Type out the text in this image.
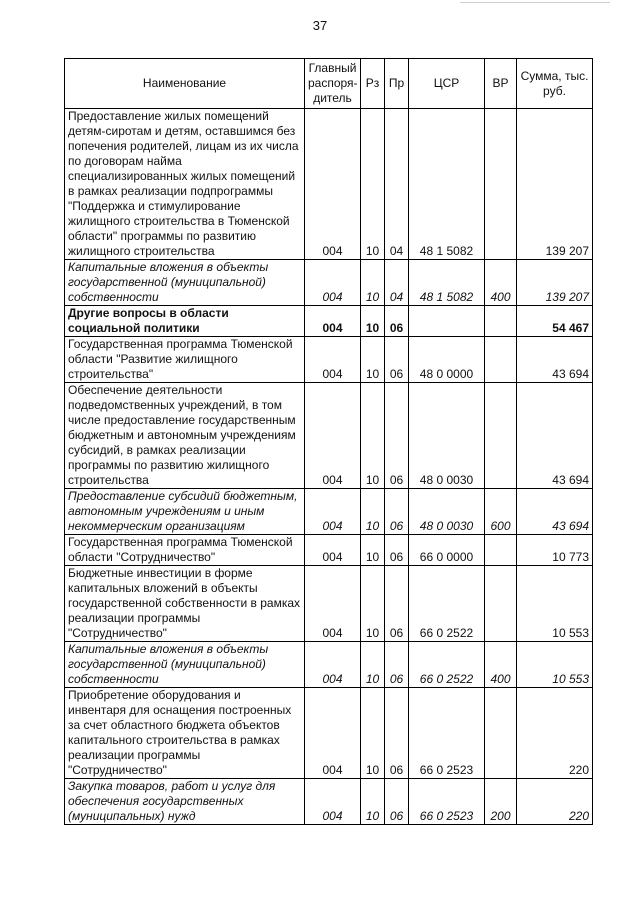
37
Наименование	Главный распоря-дитель	Рз	Пр	ЦСР	ВР	Сумма, тыс. руб.
Предоставление жилых помещений детям-сиротам и детям, оставшимся без попечения родителей, лицам из их числа по договорам найма специализированных жилых помещений в рамках реализации подпрограммы "Поддержка и стимулирование жилищного строительства в Тюменской области" программы по развитию жилищного строительства	004	10	04	48 1 5082		139 207
Капитальные вложения в объекты государственной (муниципальной) собственности	004	10	04	48 1 5082	400	139 207
Другие вопросы в области социальной политики	004	10	06			54 467
Государственная программа Тюменской области "Развитие жилищного строительства"	004	10	06	48 0 0000		43 694
Обеспечение деятельности подведомственных учреждений, в том числе предоставление государственным бюджетным и автономным учреждениям субсидий, в рамках реализации программы по развитию жилищного строительства	004	10	06	48 0 0030		43 694
Предоставление субсидий бюджетным, автономным учреждениям и иным некоммерческим организациям	004	10	06	48 0 0030	600	43 694
Государственная программа Тюменской области "Сотрудничество"	004	10	06	66 0 0000		10 773
Бюджетные инвестиции в форме капитальных вложений в объекты государственной собственности в рамках реализации программы "Сотрудничество"	004	10	06	66 0 2522		10 553
Капитальные вложения в объекты государственной (муниципальной) собственности	004	10	06	66 0 2522	400	10 553
Приобретение оборудования и инвентаря для оснащения построенных за счет областного бюджета объектов капитального строительства в рамках реализации программы "Сотрудничество"	004	10	06	66 0 2523		220
Закупка товаров, работ и услуг для обеспечения государственных (муниципальных) нужд	004	10	06	66 0 2523	200	220
